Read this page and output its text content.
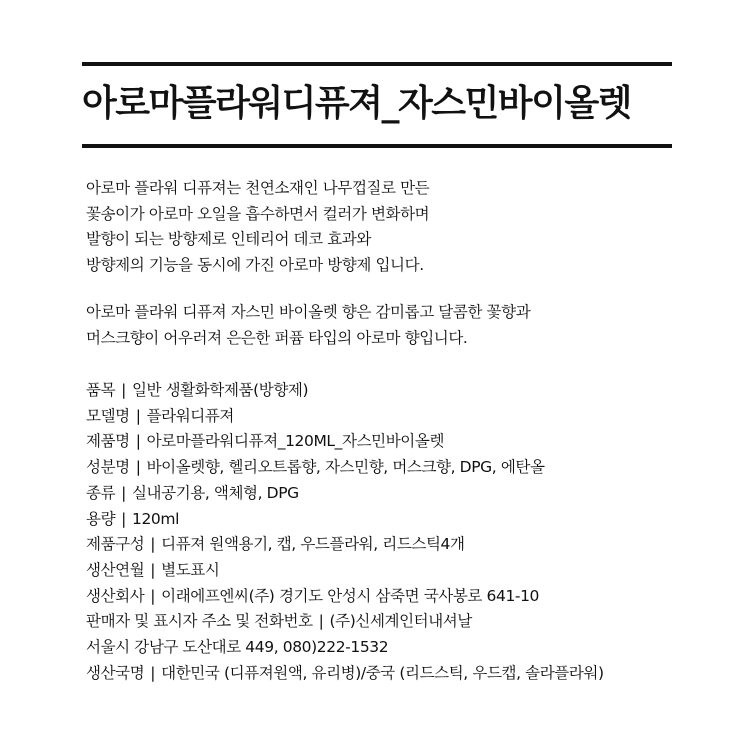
아로마플라워디퓨져_자스민바이올렛
아로마 플라워 디퓨져는 천연소재인 나무껍질로 만든
꽃송이가 아로마 오일을 흡수하면서 컬러가 변화하며
발향이 되는 방향제로 인테리어 데코 효과와
방향제의 기능을 동시에 가진 아로마 방향제 입니다.
아로마 플라워 디퓨져 자스민 바이올렛 향은 감미롭고 달콤한 꽃향과
머스크향이 어우러져 은은한 퍼퓸 타입의 아로마 향입니다.
품목 | 일반 생활화학제품(방향제)
모델명 | 플라워디퓨져
제품명 | 아로마플라워디퓨져_120ML_자스민바이올렛
성분명 | 바이올렛향, 헬리오트롭향, 자스민향, 머스크향, DPG, 에탄올
종류 | 실내공기용, 액체형, DPG
용량 | 120ml
제품구성 | 디퓨져 원액용기, 캡, 우드플라워, 리드스틱4개
생산연월 | 별도표시
생산회사 | 이래에프엔씨(주) 경기도 안성시 삼죽면 국사봉로 641-10
판매자 및 표시자 주소 및 전화번호 | (주)신세계인터내셔날
서울시 강남구 도산대로 449, 080)222-1532
생산국명 | 대한민국 (디퓨져원액, 유리병)/중국 (리드스틱, 우드캡, 솔라플라워)
